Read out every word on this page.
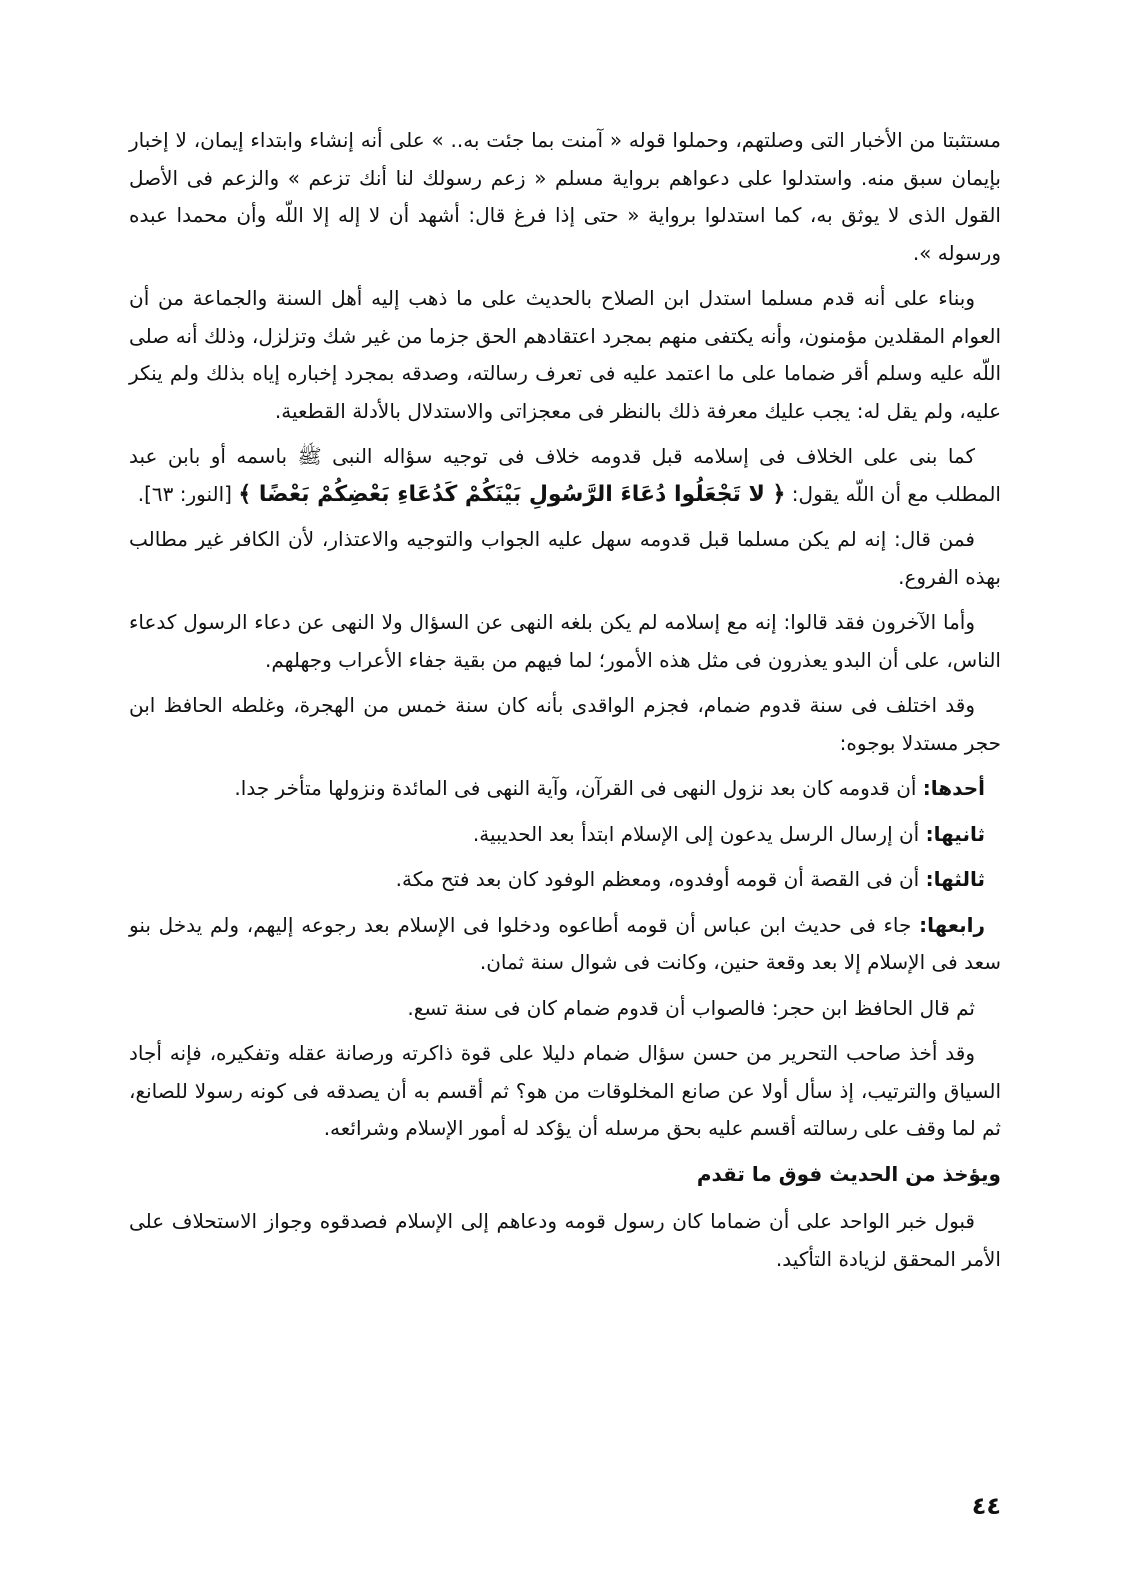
مستثبتا من الأخبار التى وصلتهم، وحملوا قوله « آمنت بما جئت به.. » على أنه إنشاء وابتداء إيمان، لا إخبار بإيمان سبق منه. واستدلوا على دعواهم برواية مسلم « زعم رسولك لنا أنك تزعم » والزعم فى الأصل القول الذى لا يوثق به، كما استدلوا برواية « حتى إذا فرغ قال: أشهد أن لا إله إلا اللّه وأن محمدا عبده ورسوله ».

وبناء على أنه قدم مسلما استدل ابن الصلاح بالحديث على ما ذهب إليه أهل السنة والجماعة من أن العوام المقلدين مؤمنون، وأنه يكتفى منهم بمجرد اعتقادهم الحق جزما من غير شك وتزلزل، وذلك أنه صلى اللّه عليه وسلم أقر ضماما على ما اعتمد عليه فى تعرف رسالته، وصدقه بمجرد إخباره إياه بذلك ولم ينكر عليه، ولم يقل له: يجب عليك معرفة ذلك بالنظر فى معجزاتى والاستدلال بالأدلة القطعية.

كما بنى على الخلاف فى إسلامه قبل قدومه خلاف فى توجيه سؤاله النبى ﷺ باسمه أو بابن عبد المطلب مع أن اللّه يقول: ﴿ لا تَجْعَلُوا دُعَاءَ الرَّسُولِ بَيْنَكُمْ كَدُعَاءِ بَعْضِكُمْ بَعْضًا ﴾ [النور: ٦٣].

فمن قال: إنه لم يكن مسلما قبل قدومه سهل عليه الجواب والتوجيه والاعتذار، لأن الكافر غير مطالب بهذه الفروع.

وأما الآخرون فقد قالوا: إنه مع إسلامه لم يكن بلغه النهى عن السؤال ولا النهى عن دعاء الرسول كدعاء الناس، على أن البدو يعذرون فى مثل هذه الأمور؛ لما فيهم من بقية جفاء الأعراب وجهلهم.

وقد اختلف فى سنة قدوم ضمام، فجزم الواقدى بأنه كان سنة خمس من الهجرة، وغلطه الحافظ ابن حجر مستدلا بوجوه:

أحدها: أن قدومه كان بعد نزول النهى فى القرآن، وآية النهى فى المائدة ونزولها متأخر جدا.

ثانيها: أن إرسال الرسل يدعون إلى الإسلام ابتدأ بعد الحديبية.

ثالثها: أن فى القصة أن قومه أوفدوه، ومعظم الوفود كان بعد فتح مكة.

رابعها: جاء فى حديث ابن عباس أن قومه أطاعوه ودخلوا فى الإسلام بعد رجوعه إليهم، ولم يدخل بنو سعد فى الإسلام إلا بعد وقعة حنين، وكانت فى شوال سنة ثمان.

ثم قال الحافظ ابن حجر: فالصواب أن قدوم ضمام كان فى سنة تسع.

وقد أخذ صاحب التحرير من حسن سؤال ضمام دليلا على قوة ذاكرته ورصانة عقله وتفكيره، فإنه أجاد السياق والترتيب، إذ سأل أولا عن صانع المخلوقات من هو؟ ثم أقسم به أن يصدقه فى كونه رسولا للصانع، ثم لما وقف على رسالته أقسم عليه بحق مرسله أن يؤكد له أمور الإسلام وشرائعه.

ويؤخذ من الحديث فوق ما تقدم

قبول خبر الواحد على أن ضماما كان رسول قومه ودعاهم إلى الإسلام فصدقوه وجواز الاستحلاف على الأمر المحقق لزيادة التأكيد.

٤٤
